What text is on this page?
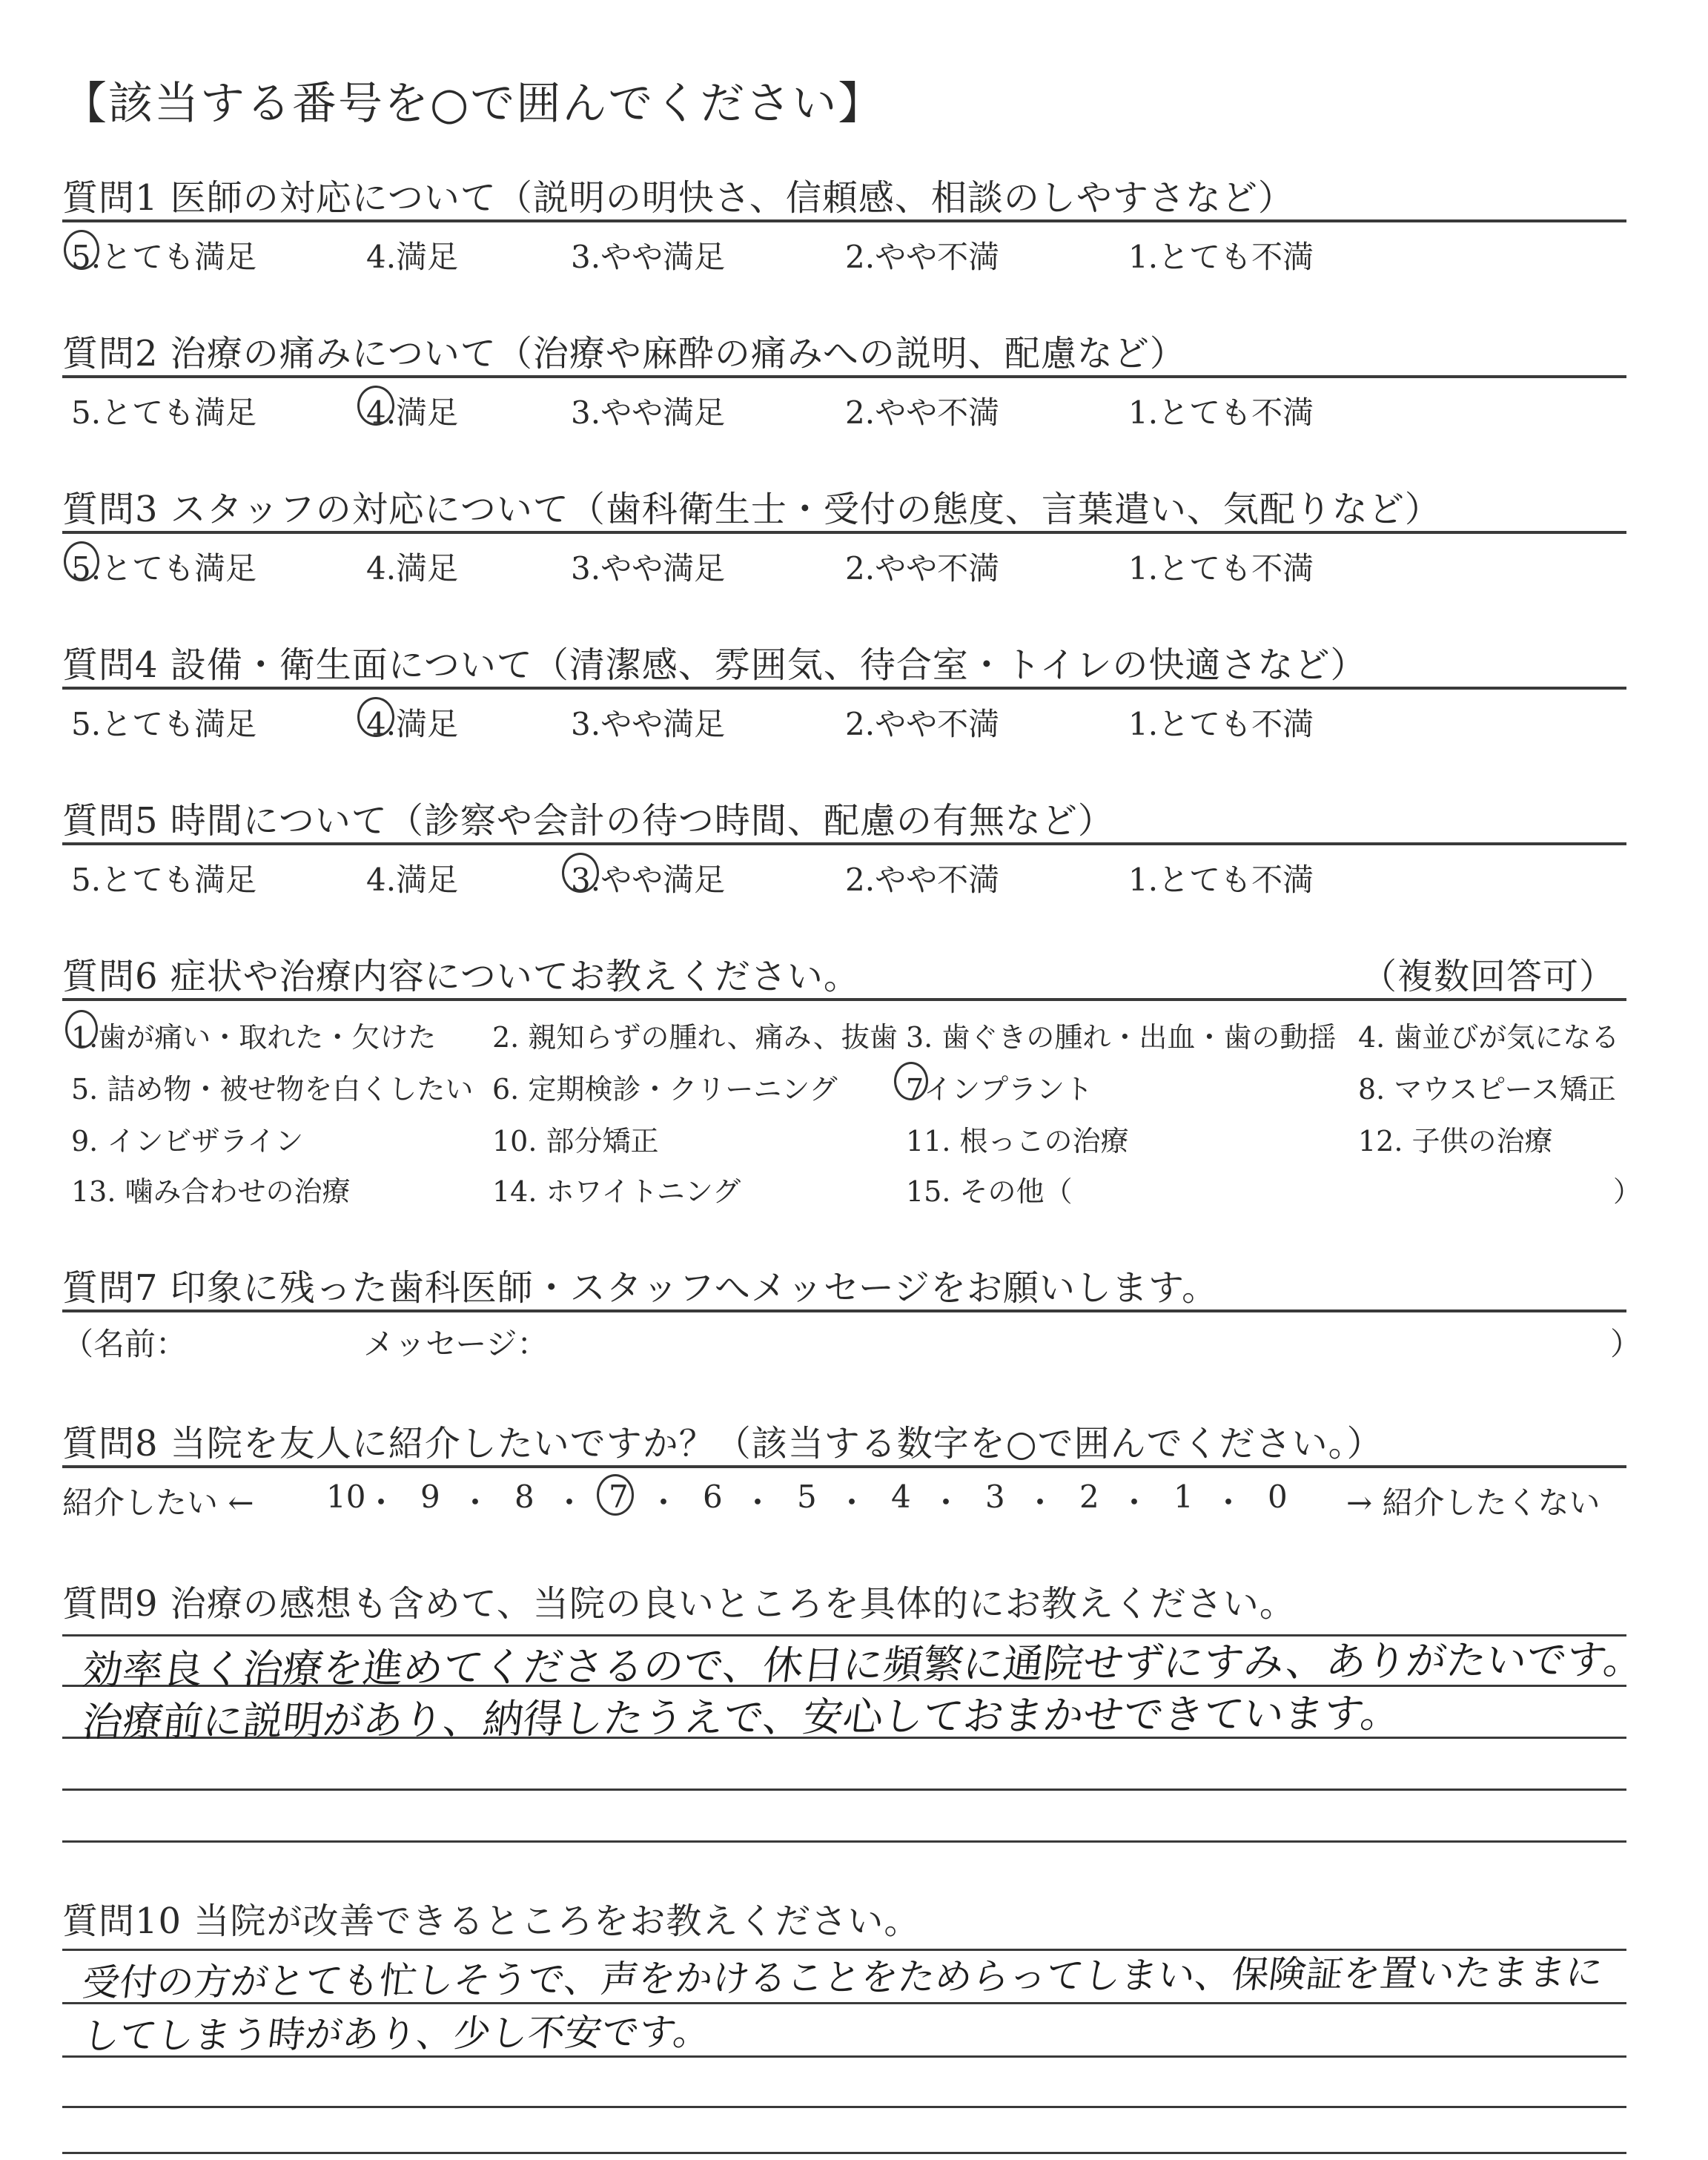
【該当する番号を○で囲んでください】
質問1 医師の対応について（説明の明快さ、信頼感、相談のしやすさなど）
5.とても満足	4.満足	3.やや満足	2.やや不満	1.とても不満
質問2 治療の痛みについて（治療や麻酔の痛みへの説明、配慮など）
5.とても満足	4.満足	3.やや満足	2.やや不満	1.とても不満
質問3 スタッフの対応について（歯科衛生士・受付の態度、言葉遣い、気配りなど）
5.とても満足	4.満足	3.やや満足	2.やや不満	1.とても不満
質問4 設備・衛生面について（清潔感、雰囲気、待合室・トイレの快適さなど）
5.とても満足	4.満足	3.やや満足	2.やや不満	1.とても不満
質問5 時間について（診察や会計の待つ時間、配慮の有無など）
5.とても満足	4.満足	3.やや満足	2.やや不満	1.とても不満
質問6 症状や治療内容についてお教えください。	（複数回答可）
1.歯が痛い・取れた・欠けた 2. 親知らずの腫れ、痛み、抜歯 3. 歯ぐきの腫れ・出血・歯の動揺 4. 歯並びが気になる
5. 詰め物・被せ物を白くしたい 6. 定期検診・クリーニング 7インプラント	8. マウスピース矯正
9. インビザライン	10. 部分矯正	11. 根っこの治療	12. 子供の治療
13. 噛み合わせの治療	14. ホワイトニング	15. その他（	）
質問7 印象に残った歯科医師・スタッフへメッセージをお願いします。
（名前：	メッセージ：	）
質問8 当院を友人に紹介したいですか？（該当する数字を○で囲んでください。）
紹介したい ← 10 ・ 9 ・ 8 ・ 7 ・ 6 ・ 5 ・ 4 ・ 3 ・ 2 ・ 1 ・ 0 → 紹介したくない
質問9 治療の感想も含めて、当院の良いところを具体的にお教えください。
効率良く治療を進めてくださるので、休日に頻繁に通院せずにすみ、ありがたいです。
治療前に説明があり、納得したうえで、安心しておまかせできています。
質問10 当院が改善できるところをお教えください。
受付の方がとても忙しそうで、声をかけることをためらってしまい、保険証を置いたままに
してしまう時があり、少し不安です。
